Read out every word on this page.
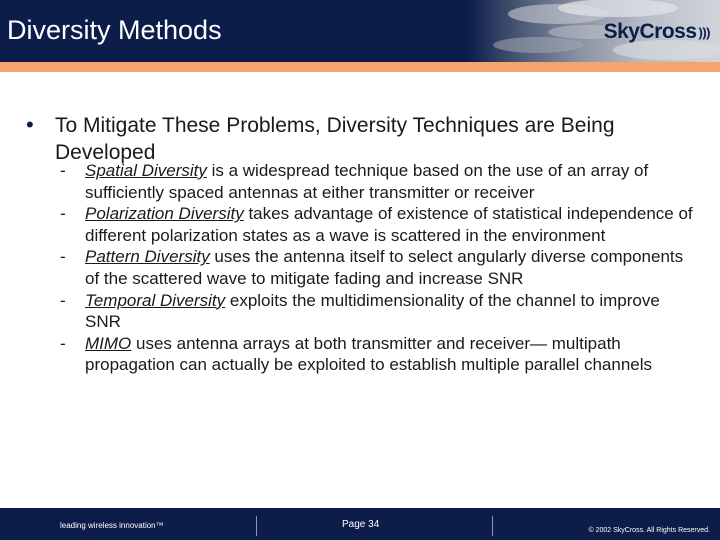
Diversity Methods	SkyCross )))
• To Mitigate These Problems, Diversity Techniques are Being Developed
- Spatial Diversity is a widespread technique based on the use of an array of sufficiently spaced antennas at either transmitter or receiver
- Polarization Diversity takes advantage of existence of statistical independence of different polarization states as a wave is scattered in the environment
- Pattern Diversity uses the antenna itself to select angularly diverse components of the scattered wave to mitigate fading and increase SNR
- Temporal Diversity exploits the multidimensionality of the channel to improve SNR
- MIMO uses antenna arrays at both transmitter and receiver— multipath propagation can actually be exploited to establish multiple parallel channels
leading wireless innovation™	Page 34
© 2002 SkyCross. All Rights Reserved.
